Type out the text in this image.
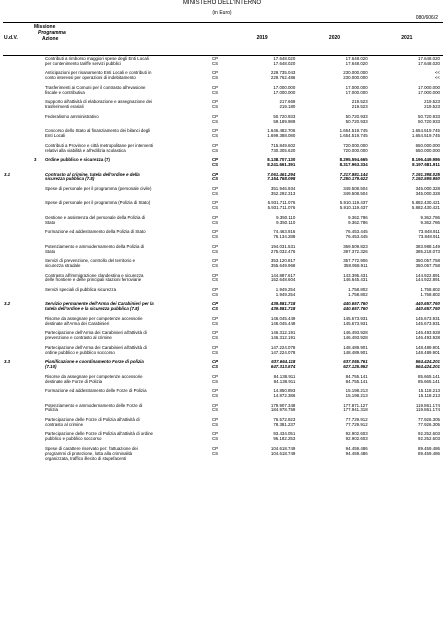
MINISTERO DELL'INTERNO
(in Euro)
080/606/2
U.d.V.	Missione
Programma
Azione			2019	2020	2021
		Contributi a rimborso maggiori spese degli Enti Locali	CP	17.648.020	17.648.020	17.648.020
		per contenimento tariffe servizi pubblici	CS	17.648.020	17.648.020	17.648.020

		Anticipazioni per risanamento Enti Locali e contributi in	CP	229.735.043	230.000.000	<<
		conto interessi per operazioni di indebitamento	CS	229.762.486	230.000.000	<<

		Trasferimenti ai Comuni per il contrasto all'evasione	CP	17.000.000	17.000.000	17.000.000
		fiscale e contributiva	CS	17.000.000	17.000.000	17.000.000

		Supporto all'attività di elaborazione e assegnazione dei	CP	217.669	219.523	219.523
		trasferimenti erariali	CS	219.180	219.523	219.523

		Federalismo amministrativo	CP	50.720.933	50.720.933	50.720.933
			CS	59.189.989	50.720.933	50.720.933

		Concorso dello Stato al finanziamento dei bilanci degli	CP	1.646.482.706	1.654.519.745	1.654.519.745
		Enti Locali	CS	1.699.388.080	1.654.519.745	1.654.519.745

		Contributi a Province e città metropolitane per interventi	CP	715.849.602	720.000.000	650.000.000
		relativi alla viabilità e all'edilizia scolastica	CS	730.305.620	720.000.000	650.000.000

	3	Ordine pubblico e sicurezza (7)	CP	8.138.707.130	8.295.594.665	8.196.449.986
			CS	8.241.661.391	8.317.963.334	8.197.681.911

3.1		Contrasto al crimine, tutela dell'ordine e della	CP	7.061.461.294	7.217.881.144	7.191.398.025
		sicurezza pubblica (7.8)	CS	7.154.768.098	7.250.179.622	7.192.599.950

		Spese di personale per il programma (personale civile)	CP	351.946.934	349.508.504	345.000.328
			CS	352.292.313	349.508.504	345.000.328

		Spese di personale per il programma (Polizia di Stato)	CP	5.931.711.076	5.910.119.437	5.882.430.421
			CS	5.931.711.076	5.910.119.437	5.882.430.421

		Gestione e assistenza del personale della Polizia di	CP	9.350.110	9.362.786	9.362.786
		Stato	CS	9.350.110	9.362.786	9.362.786

		Formazione ed addestramento della Polizia di Stato	CP	74.463.916	76.453.445	73.848.911
			CS	76.134.288	76.453.445	73.848.911

		Potenziamento e ammodernamento della Polizia di	CP	194.031.531	369.509.823	383.988.149
		Stato	CS	275.032.476	397.372.326	385.218.073

		Servizi di prevenzione, controllo del territorio e	CP	353.120.817	357.772.906	350.057.758
		sicurezza stradale	CS	355.649.968	358.958.911	350.057.758

		Contrasto all'immigrazione clandestina e sicurezza	CP	144.887.617	143.395.431	144.922.891
		delle frontiere e delle principali stazioni ferroviarie	CS	152.648.604	146.645.431	144.922.891

		Servizi speciali di pubblica sicurezza	CP	1.949.254	1.758.802	1.758.802
			CS	1.949.254	1.758.802	1.758.802

3.2		Servizio permanente dell'Arma dei Carabinieri per la	CP	439.581.718	440.657.760	440.657.760
		tutela dell'ordine e la sicurezza pubblica (7.8)	CS	439.581.718	440.657.760	440.657.760

		Risorse da assegnare per competenze accessorie	CP	146.045.449	145.673.931	145.673.931
		destinate all'Arma dei Carabinieri	CS	146.045.449	145.673.931	145.673.931

		Partecipazione dell'Arma dei Carabinieri all'attività di	CP	146.312.191	146.493.928	146.493.928
		prevenzione e contrasto al crimine	CS	146.312.191	146.493.928	146.493.928

		Partecipazione dell'Arma dei Carabinieri all'attività di	CP	147.224.078	148.489.901	148.489.901
		ordine pubblico e pubblico soccorso	CS	147.224.078	148.489.901	148.489.901

3.3		Pianificazione e coordinamento Forze di polizia	CP	637.664.118	637.055.761	564.424.201
		(7.10)	CS	647.313.574	627.125.952	564.424.201

		Risorse da assegnare per competenze accessorie	CP	84.138.911	84.755.141	85.665.141
		destinate alle Forze di Polizia	CS	84.138.911	84.755.141	85.665.141

		Formazione ed addestramento delle Forze di Polizia	CP	14.850.893	15.198.213	15.118.213
			CS	14.872.386	15.198.213	15.118.213

		Potenziamento e ammodernamento delle Forze di	CP	179.907.348	177.871.127	119.861.174
		Polizia	CS	184.978.759	177.941.318	119.861.174

		Partecipazione delle Forze di Polizia all'attività di	CP	76.572.923	77.729.912	77.926.305
		contrasto al crimine	CS	78.381.237	77.729.912	77.926.305

		Partecipazione delle Forze di Polizia all'attività di ordine	CP	93.434.051	92.902.603	92.252.603
		pubblico e pubblico soccorso	CS	96.182.253	92.902.603	92.252.603

		Spese di carattere riservato per: l'attuazione dei	CP	104.618.749	94.459.486	89.459.486
		programmi di protezione, lotta alla criminalità	CS	104.618.749	94.459.486	89.459.486
		organizzata, traffico illecito di stupefacenti				
